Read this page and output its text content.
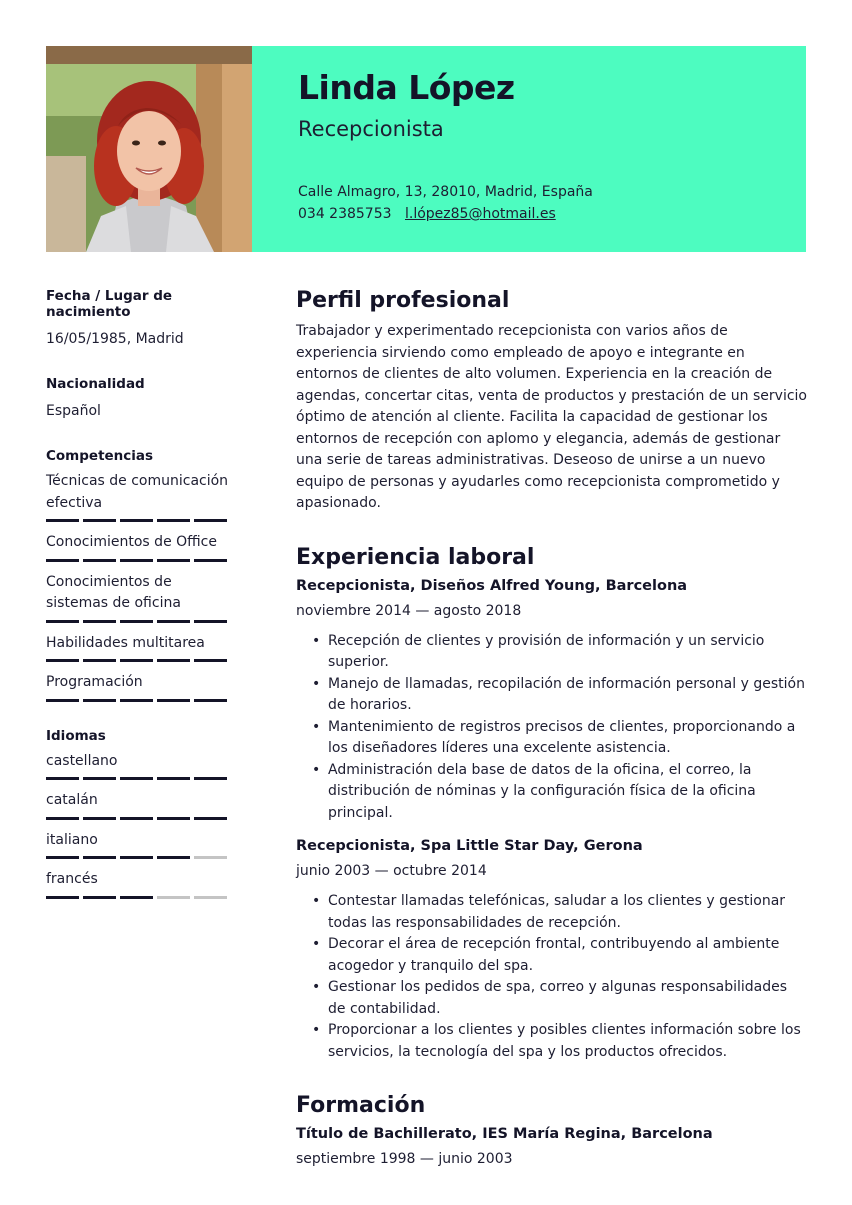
Linda López
Recepcionista
Calle Almagro, 13, 28010, Madrid, España
034 2385753 l.lópez85@hotmail.es
Fecha / Lugar de nacimiento
16/05/1985, Madrid
Nacionalidad
Español
Competencias
Técnicas de comunicación efectiva
Conocimientos de Office
Conocimientos de sistemas de oficina
Habilidades multitarea
Programación
Idiomas
castellano
catalán
italiano
francés
Perfil profesional
Trabajador y experimentado recepcionista con varios años de experiencia sirviendo como empleado de apoyo e integrante en entornos de clientes de alto volumen. Experiencia en la creación de agendas, concertar citas, venta de productos y prestación de un servicio óptimo de atención al cliente. Facilita la capacidad de gestionar los entornos de recepción con aplomo y elegancia, además de gestionar una serie de tareas administrativas. Deseoso de unirse a un nuevo equipo de personas y ayudarles como recepcionista comprometido y apasionado.
Experiencia laboral
Recepcionista, Diseños Alfred Young, Barcelona
noviembre 2014 — agosto 2018
• Recepción de clientes y provisión de información y un servicio superior.
• Manejo de llamadas, recopilación de información personal y gestión de horarios.
• Mantenimiento de registros precisos de clientes, proporcionando a los diseñadores líderes una excelente asistencia.
• Administración dela base de datos de la oficina, el correo, la distribución de nóminas y la configuración física de la oficina principal.
Recepcionista, Spa Little Star Day, Gerona
junio 2003 — octubre 2014
• Contestar llamadas telefónicas, saludar a los clientes y gestionar todas las responsabilidades de recepción.
• Decorar el área de recepción frontal, contribuyendo al ambiente acogedor y tranquilo del spa.
• Gestionar los pedidos de spa, correo y algunas responsabilidades de contabilidad.
• Proporcionar a los clientes y posibles clientes información sobre los servicios, la tecnología del spa y los productos ofrecidos.
Formación
Título de Bachillerato, IES María Regina, Barcelona
septiembre 1998 — junio 2003
